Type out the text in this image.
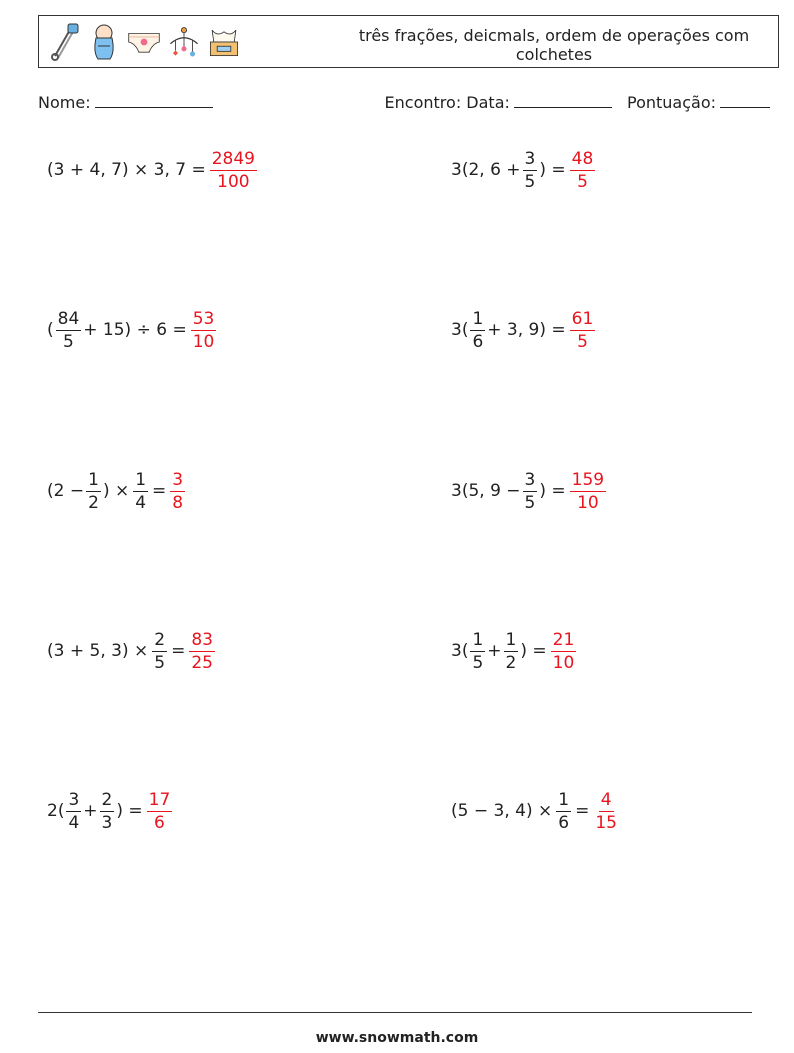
três frações, deicmals, ordem de operações com colchetes
Nome:	Encontro: Data:	Pontuação:
(3 + 4, 7) × 3, $7 = \frac{2849}{100}$	3(2, $6 + \frac{3}{5}$ ) = $\frac{48}{5}$
( $\frac{84}{5} + 15) \div 6 = \frac{53}{10}$	$3( \frac{1}{6} + 3$, $9) = \frac{61}{5}$
($2 - \frac{1}{2}$ ) × $\frac{1}{4} = \frac{3}{8}$	3(5, $9 - \frac{3}{5}$ ) = $\frac{159}{10}$
(3 + 5, $3) \times \frac{2}{5} = \frac{83}{25}$	$3( \frac{1}{5} + \frac{1}{2}$ ) = $\frac{21}{10}$
$2( \frac{3}{4} + \frac{2}{3}$ ) = $\frac{17}{6}$	(5 − 3, $4) \times \frac{1}{6} = \frac{4}{15}$
www.snowmath.com
